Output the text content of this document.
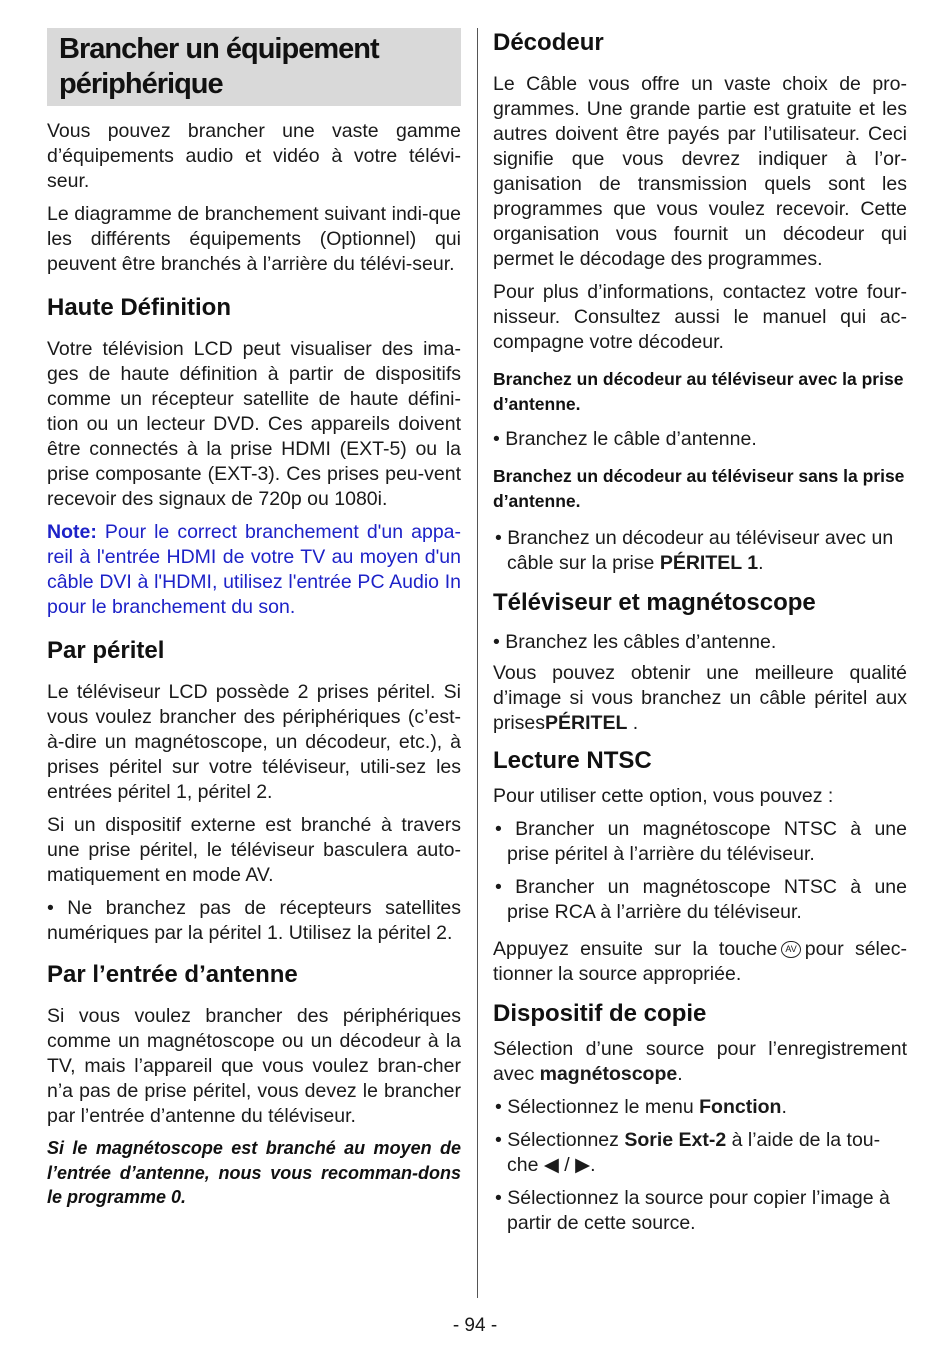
Brancher un équipement périphérique

Vous pouvez brancher une vaste gamme d’équipements audio et vidéo à votre télévi-seur.

Le diagramme de branchement suivant indi-que les différents équipements (Optionnel) qui peuvent être branchés à l’arrière du télévi-seur.

Haute Définition

Votre télévision LCD peut visualiser des ima-ges de haute définition à partir de dispositifs comme un récepteur satellite de haute défini-tion ou un lecteur DVD. Ces appareils doivent être connectés à la prise HDMI (EXT-5) ou la prise composante (EXT-3). Ces prises peu-vent recevoir des signaux de 720p ou 1080i.

Note: Pour le correct branchement d'un appa-reil à l'entrée HDMI de votre TV au moyen d'un câble DVI à l'HDMI, utilisez l'entrée PC Audio In pour le branchement du son.

Par péritel

Le téléviseur LCD possède 2 prises péritel. Si vous voulez brancher des périphériques (c’est-à-dire un magnétoscope, un décodeur, etc.), à prises péritel sur votre téléviseur, utili-sez les entrées péritel 1, péritel 2.

Si un dispositif externe est branché à travers une prise péritel, le téléviseur basculera auto-matiquement en mode AV.

• Ne branchez pas de récepteurs satellites numériques par la péritel 1. Utilisez la péritel 2.

Par l’entrée d’antenne

Si vous voulez brancher des périphériques comme un magnétoscope ou un décodeur à la TV, mais l’appareil que vous voulez bran-cher n’a pas de prise péritel, vous devez le brancher par l’entrée d’antenne du téléviseur.

Si le magnétoscope est branché au moyen de l’entrée d’antenne, nous vous recomman-dons le programme 0.

Décodeur

Le Câble vous offre un vaste choix de pro-grammes. Une grande partie est gratuite et les autres doivent être payés par l’utilisateur. Ceci signifie que vous devrez indiquer à l’or-ganisation de transmission quels sont les programmes que vous voulez recevoir. Cette organisation vous fournit un décodeur qui permet le décodage des programmes.

Pour plus d’informations, contactez votre four-nisseur. Consultez aussi le manuel qui ac-compagne votre décodeur.

Branchez un décodeur au téléviseur avec la prise d’antenne.

• Branchez le câble d’antenne.

Branchez un décodeur au téléviseur sans la prise d’antenne.

• Branchez un décodeur au téléviseur avec un câble sur la prise PÉRITEL 1.

Téléviseur et magnétoscope

• Branchez les câbles d’antenne.

Vous pouvez obtenir une meilleure qualité d’image si vous branchez un câble péritel aux prisesPÉRITEL .

Lecture NTSC

Pour utiliser cette option, vous pouvez :

• Brancher un magnétoscope NTSC à une prise péritel à l’arrière du téléviseur.

• Brancher un magnétoscope NTSC à une prise RCA à l’arrière du téléviseur.

Appuyez ensuite sur la touche AV pour sélec-tionner la source appropriée.

Dispositif de copie

Sélection d’une source pour l’enregistrement avec magnétoscope.

• Sélectionnez le menu Fonction.

• Sélectionnez Sorie Ext-2 à l’aide de la tou-che ◀ / ▶.

• Sélectionnez la source pour copier l’image à partir de cette source.

- 94 -
